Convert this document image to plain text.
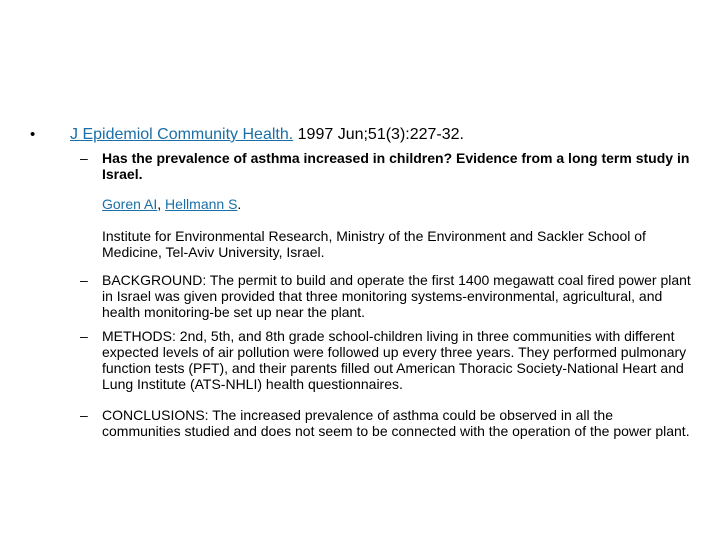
• J Epidemiol Community Health. 1997 Jun;51(3):227-32.
– Has the prevalence of asthma increased in children? Evidence from a long term study in Israel.
Goren AI, Hellmann S.
Institute for Environmental Research, Ministry of the Environment and Sackler School of Medicine, Tel-Aviv University, Israel.
– BACKGROUND: The permit to build and operate the first 1400 megawatt coal fired power plant in Israel was given provided that three monitoring systems-environmental, agricultural, and health monitoring-be set up near the plant.
– METHODS: 2nd, 5th, and 8th grade school-children living in three communities with different expected levels of air pollution were followed up every three years. They performed pulmonary function tests (PFT), and their parents filled out American Thoracic Society-National Heart and Lung Institute (ATS-NHLI) health questionnaires.
– CONCLUSIONS: The increased prevalence of asthma could be observed in all the communities studied and does not seem to be connected with the operation of the power plant.
